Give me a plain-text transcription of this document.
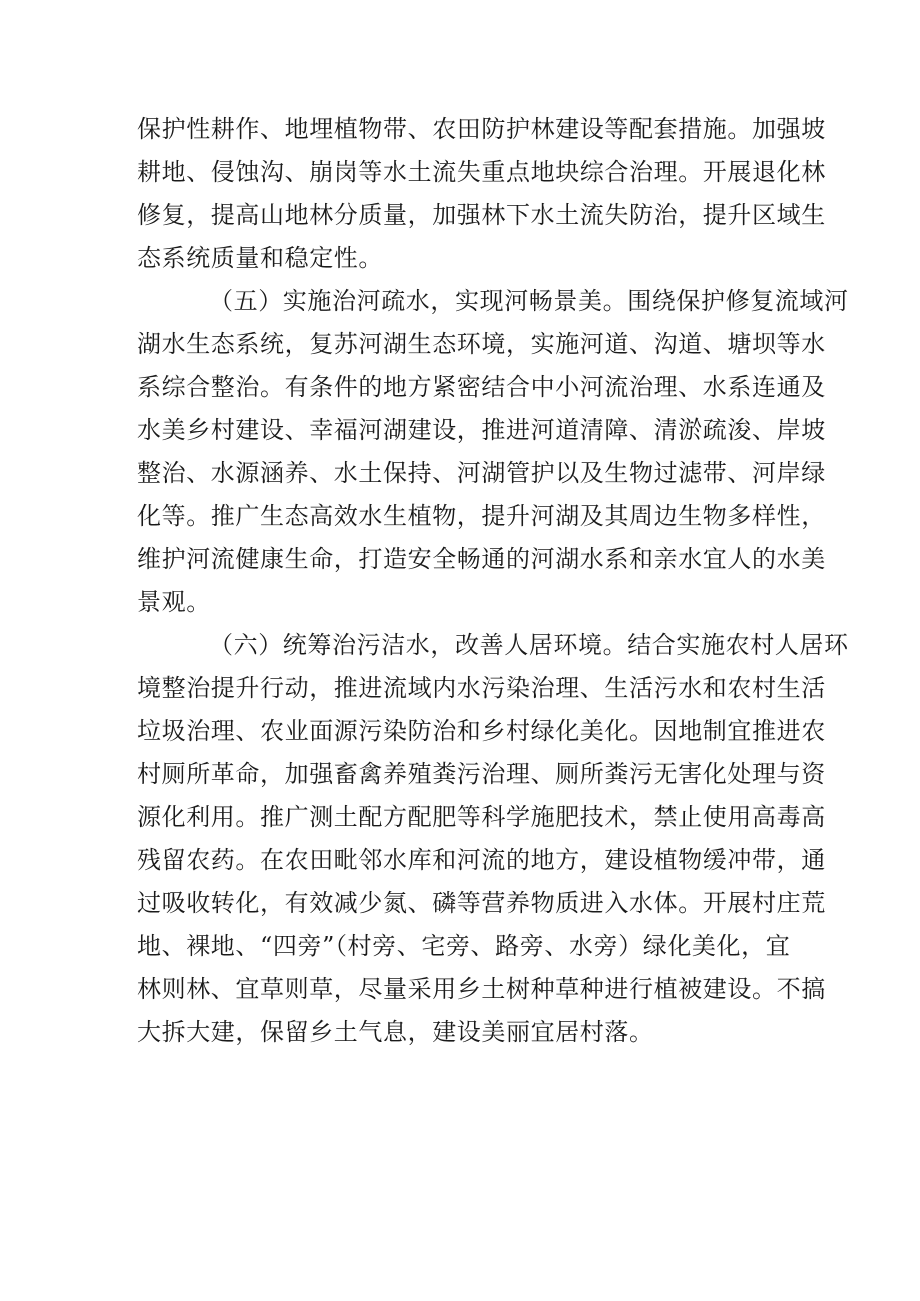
保护性耕作、地埋植物带、农田防护林建设等配套措施。加强坡
耕地、侵蚀沟、崩岗等水土流失重点地块综合治理。开展退化林
修复，提高山地林分质量，加强林下水土流失防治，提升区域生
态系统质量和稳定性。
（五）实施治河疏水，实现河畅景美。围绕保护修复流域河
湖水生态系统，复苏河湖生态环境，实施河道、沟道、塘坝等水
系综合整治。有条件的地方紧密结合中小河流治理、水系连通及
水美乡村建设、幸福河湖建设，推进河道清障、清淤疏浚、岸坡
整治、水源涵养、水土保持、河湖管护以及生物过滤带、河岸绿
化等。推广生态高效水生植物，提升河湖及其周边生物多样性，
维护河流健康生命，打造安全畅通的河湖水系和亲水宜人的水美
景观。
（六）统筹治污洁水，改善人居环境。结合实施农村人居环
境整治提升行动，推进流域内水污染治理、生活污水和农村生活
垃圾治理、农业面源污染防治和乡村绿化美化。因地制宜推进农
村厕所革命，加强畜禽养殖粪污治理、厕所粪污无害化处理与资
源化利用。推广测土配方配肥等科学施肥技术，禁止使用高毒高
残留农药。在农田毗邻水库和河流的地方，建设植物缓冲带，通
过吸收转化，有效减少氮、磷等营养物质进入水体。开展村庄荒
地、裸地、“四旁”（村旁、宅旁、路旁、水旁）绿化美化，宜
林则林、宜草则草，尽量采用乡土树种草种进行植被建设。不搞
大拆大建，保留乡土气息，建设美丽宜居村落。
